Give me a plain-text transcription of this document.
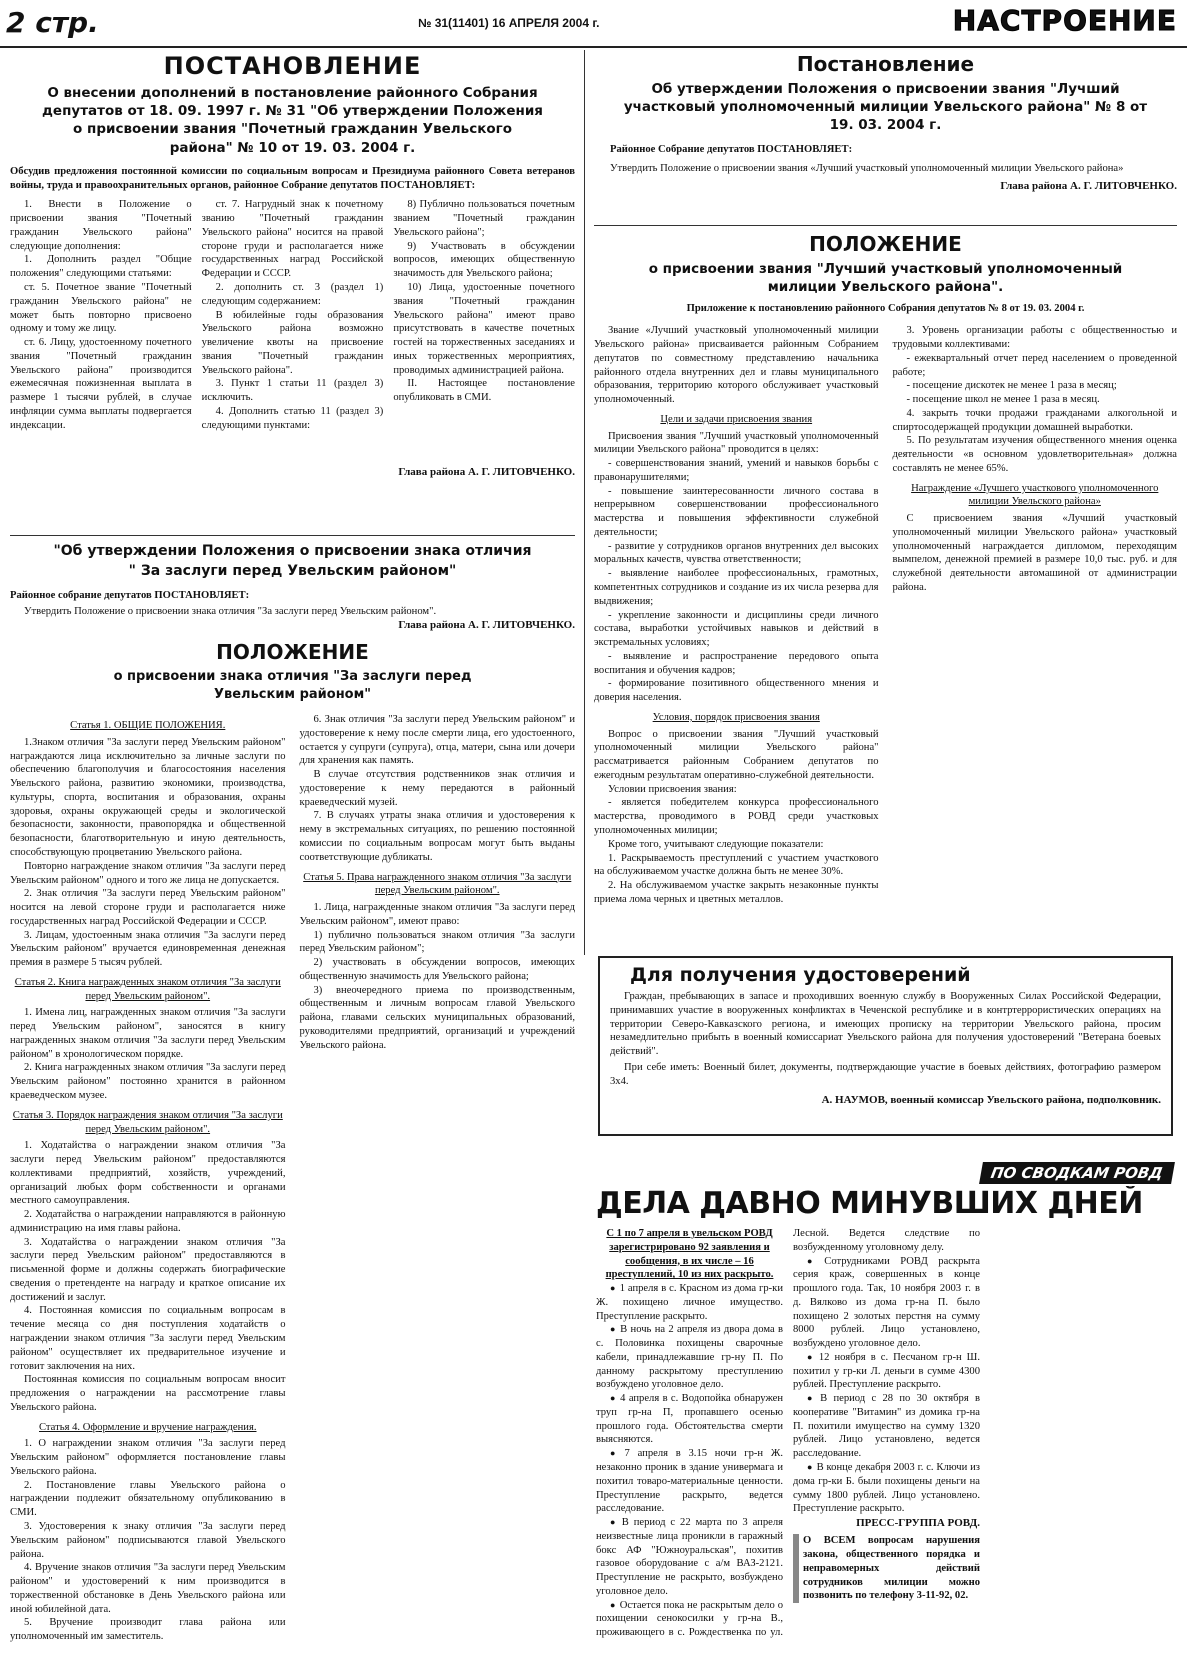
2 стр.	№ 31(11401) 16 АПРЕЛЯ 2004 г.	НАСТРОЕНИЕ
ПОСТАНОВЛЕНИЕ
О внесении дополнений в постановление районного Собрания депутатов от 18. 09. 1997 г. № 31 "Об утверждении Положения о присвоении звания "Почетный гражданин Увельского района" № 10 от 19. 03. 2004 г.
Обсудив предложения постоянной комиссии по социальным вопросам и Президиума районного Совета ветеранов войны, труда и правоохранительных органов, районное Собрание депутатов ПОСТАНОВЛЯЕТ:

1. Внести в Положение о присвоении звания "Почетный гражданин Увельского района" следующие дополнения:

1. Дополнить раздел "Общие положения" следующими статьями:

ст. 5. Почетное звание "Почетный гражданин Увельского района" не может быть повторно присвоено одному и тому же лицу.

ст. 6. Лицу, удостоенному почетного звания "Почетный гражданин Увельского района" производится ежемесячная пожизненная выплата в размере 1 тысячи рублей, в случае инфляции сумма выплаты подвергается индексации.

ст. 7. Нагрудный знак к почетному званию "Почетный гражданин Увельского района" носится на правой стороне груди и располагается ниже государственных наград Российской Федерации и СССР.

2. дополнить ст. 3 (раздел 1) следующим содержанием:

В юбилейные годы образования Увельского района возможно увеличение квоты на присвоение звания "Почетный гражданин Увельского района".

3. Пункт 1 статьи 11 (раздел 3) исключить.

4. Дополнить статью 11 (раздел 3) следующими пунктами:

8) Публично пользоваться почетным званием "Почетный гражданин Увельского района";

9) Участвовать в обсуждении вопросов, имеющих общественную значимость для Увельского района;

10) Лица, удостоенные почетного звания "Почетный гражданин Увельского района" имеют право присутствовать в качестве почетных гостей на торжественных заседаниях и иных торжественных мероприятиях, проводимых администрацией района.

II. Настоящее постановление опубликовать в СМИ.

Глава района А. Г. ЛИТОВЧЕНКО.
"Об утверждении Положения о присвоении знака отличия " За заслуги перед Увельским районом"
Районное собрание депутатов ПОСТАНОВЛЯЕТ:
Утвердить Положение о присвоении знака отличия "За заслуги перед Увельским районом".
Глава района А. Г. ЛИТОВЧЕНКО.
ПОЛОЖЕНИЕ
о присвоении знака отличия "За заслуги перед Увельским районом"

Статья 1. ОБЩИЕ ПОЛОЖЕНИЯ.

1.Знаком отличия "За заслуги перед Увельским районом" награждаются лица исключительно за личные заслуги по обеспечению благополучия и благосостояния населения Увельского района, развитию экономики, производства, культуры, спорта, воспитания и образования, охраны здоровья, охраны окружающей среды и экологической безопасности, законности, правопорядка и общественной безопасности, благотворительную и иную деятельность, способствующую процветанию Увельского района.

Повторно награждение знаком отличия "За заслуги перед Увельским районом" одного и того же лица не допускается.

2. Знак отличия "За заслуги перед Увельским районом" носится на левой стороне груди и располагается ниже государственных наград Российской Федерации и СССР.

3. Лицам, удостоенным знака отличия "За заслуги перед Увельским районом" вручается единовременная денежная премия в размере 5 тысяч рублей.

Статья 2. Книга награжденных знаком отличия "За заслуги перед Увельским районом".

1. Имена лиц, награжденных знаком отличия "За заслуги перед Увельским районом", заносятся в книгу награжденных знаком отличия "За заслуги перед Увельским районом" в хронологическом порядке.

2. Книга награжденных знаком отличия "За заслуги перед Увельским районом" постоянно хранится в районном краеведческом музее.

Статья 3. Порядок награждения знаком отличия "За заслуги перед Увельским районом".

1. Ходатайства о награждении знаком отличия "За заслуги перед Увельским районом" предоставляются коллективами предприятий, хозяйств, учреждений, организаций любых форм собственности и органами местного самоуправления.

2. Ходатайства о награждении направляются в районную администрацию на имя главы района.

3. Ходатайства о награждении знаком отличия "За заслуги перед Увельским районом" предоставляются в письменной форме и должны содержать биографические сведения о претенденте на награду и краткое описание их достижений и заслуг.

4. Постоянная комиссия по социальным вопросам в течение месяца со дня поступления ходатайств о награждении знаком отличия "За заслуги перед Увельским районом" осуществляет их предварительное изучение и готовит заключения на них.

Постоянная комиссия по социальным вопросам вносит предложения о награждении на рассмотрение главы Увельского района.

Статья 4. Оформление и вручение награждения.

1. О награждении знаком отличия "За заслуги перед Увельским районом" оформляется постановление главы Увельского района.

2. Постановление главы Увельского района о награждении подлежит обязательному опубликованию в СМИ.

3. Удостоверения к знаку отличия "За заслуги перед Увельским районом" подписываются главой Увельского района.

4. Вручение знаков отличия "За заслуги перед Увельским районом" и удостоверений к ним производится в торжественной обстановке в День Увельского района или иной юбилейной дата.

5. Вручение производит глава района или уполномоченный им заместитель.

6. Знак отличия "За заслуги перед Увельским районом" и удостоверение к нему после смерти лица, его удостоенного, остается у супруги (супруга), отца, матери, сына или дочери для хранения как память.

В случае отсутствия родственников знак отличия и удостоверение к нему передаются в районный краеведческий музей.

7. В случаях утраты знака отличия и удостоверения к нему в экстремальных ситуациях, по решению постоянной комиссии по социальным вопросам могут быть выданы соответствующие дубликаты.

Статья 5. Права награжденного знаком отличия "За заслуги перед Увельским районом".

1. Лица, награжденные знаком отличия "За заслуги перед Увельским районом", имеют право:

1) публично пользоваться знаком отличия "За заслуги перед Увельским районом";

2) участвовать в обсуждении вопросов, имеющих общественную значимость для Увельского района;

3) внеочередного приема по производственным, общественным и личным вопросам главой Увельского района, главами сельских муниципальных образований, руководителями предприятий, организаций и учреждений Увельского района.

Постановление
Об утверждении Положения о присвоении звания "Лучший участковый уполномоченный милиции Увельского района" № 8 от 19. 03. 2004 г.
Районное Собрание депутатов ПОСТАНОВЛЯЕТ:
Утвердить Положение о присвоении звания «Лучший участковый уполномоченный милиции Увельского района»
Глава района А. Г. ЛИТОВЧЕНКО.
ПОЛОЖЕНИЕ
о присвоении звания "Лучший участковый уполномоченный милиции Увельского района".
Приложение к постановлению районного Собрания депутатов № 8 от 19. 03. 2004 г.

Звание «Лучший участковый уполномоченный милиции Увельского района» присваивается районным Собранием депутатов по совместному представлению начальника районного отдела внутренних дел и главы муниципального образования, территорию которого обслуживает участковый уполномоченный.

Цели и задачи присвоения звания

Присвоения звания "Лучший участковый уполномоченный милиции Увельского района" проводится в целях:

- совершенствования знаний, умений и навыков борьбы с правонарушителями;

- повышение заинтересованности личного состава в непрерывном совершенствовании профессионального мастерства и повышения эффективности служебной деятельности;

- развитие у сотрудников органов внутренних дел высоких моральных качеств, чувства ответственности;

- выявление наиболее профессиональных, грамотных, компетентных сотрудников и создание из их числа резерва для выдвижения;

- укрепление законности и дисциплины среди личного состава, выработки устойчивых навыков и действий в экстремальных условиях;

- выявление и распространение передового опыта воспитания и обучения кадров;

- формирование позитивного общественного мнения и доверия населения.

Условия, порядок присвоения звания

Вопрос о присвоении звания "Лучший участковый уполномоченный милиции Увельского района" рассматривается районным Собранием депутатов по ежегодным результатам оперативно-служебной деятельности.

Условии присвоения звания:

- является победителем конкурса профессионального мастерства, проводимого в РОВД среди участковых уполномоченных милиции;

Кроме того, учитывают следующие показатели:

1. Раскрываемость преступлений с участием участкового на обслуживаемом участке должна быть не менее 30%.

2. На обслуживаемом участке закрыть незаконные пункты приема лома черных и цветных металлов.

3. Уровень организации работы с общественностью и трудовыми коллективами:

- ежеквартальный отчет перед населением о проведенной работе;

- посещение дискотек не менее 1 раза в месяц;

- посещение школ не менее 1 раза в месяц.

4. закрыть точки продажи гражданами алкогольной и спиртосодержащей продукции домашней выработки.

5. По результатам изучения общественного мнения оценка деятельности «в основном удовлетворительная» должна составлять не менее 65%.

Награждение «Лучшего участкового уполномоченного милиции Увельского района»

С присвоением звания «Лучший участковый уполномоченный милиции Увельского района» участковый уполномоченный награждается дипломом, переходящим вымпелом, денежной премией в размере 10,0 тыс. руб. и для служебной деятельности автомашиной от администрации района.

Для получения удостоверений

Граждан, пребывающих в запасе и проходивших военную службу в Вооруженных Силах Российской Федерации, принимавших участие в вооруженных конфликтах в Чеченской республике и в контртеррористических операциях на территории Северо-Кавказского региона, и имеющих прописку на территории Увельского района, просим незамедлительно прибыть в военный комиссариат Увельского района для получения удостоверений "Ветерана боевых действий".

При себе иметь: Военный билет, документы, подтверждающие участие в боевых действиях, фотографию размером 3х4.

А. НАУМОВ, военный комиссар Увельского района, подполковник.
ПО СВОДКАМ РОВД
ДЕЛА ДАВНО МИНУВШИХ ДНЕЙ

С 1 по 7 апреля в увельском РОВД зарегистрировано 92 заявления и сообщения, в их числе – 16 преступлений, 10 из них раскрыто.

● 1 апреля в с. Красном из дома гр-ки Ж. похищено личное имущество. Преступление раскрыто.

● В ночь на 2 апреля из двора дома в с. Половинка похищены сварочные кабели, принадлежавшие гр-ну П. По данному раскрытому преступлению возбуждено уголовное дело.

● 4 апреля в с. Водопойка обнаружен труп гр-на П, пропавшего осенью прошлого года. Обстоятельства смерти выясняются.

● 7 апреля в 3.15 ночи гр-н Ж. незаконно проник в здание универмага и похитил товаро-материальные ценности. Преступление раскрыто, ведется расследование.

● В период с 22 марта по 3 апреля неизвестные лица проникли в гаражный бокс АФ "Южноуральская", похитив газовое оборудование с а/м ВАЗ-2121. Преступление не раскрыто, возбуждено уголовное дело.

● Остается пока не раскрытым дело о похищении сенокосилки у гр-на В., проживающего в с. Рождественка по ул. Лесной. Ведется следствие по возбужденному уголовному делу.

● Сотрудниками РОВД раскрыта серия краж, совершенных в конце прошлого года. Так, 10 ноября 2003 г. в д. Вялково из дома гр-на П. было похищено 2 золотых перстня на сумму 8000 рублей. Лицо установлено, возбуждено уголовное дело.

● 12 ноября в с. Песчаном гр-н Ш. похитил у гр-ки Л. деньги в сумме 4300 рублей. Преступление раскрыто.

● В период с 28 по 30 октября в кооперативе "Витамин" из домика гр-на П. похитили имущество на сумму 1320 рублей. Лицо установлено, ведется расследование.

● В конце декабря 2003 г. с. Ключи из дома гр-ки Б. были похищены деньги на сумму 1800 рублей. Лицо установлено. Преступление раскрыто.

ПРЕСС-ГРУППА РОВД.

О ВСЕМ вопросам нарушения закона, общественного порядка и неправомерных действий сотрудников милиции можно позвонить по телефону 3-11-92, 02.
